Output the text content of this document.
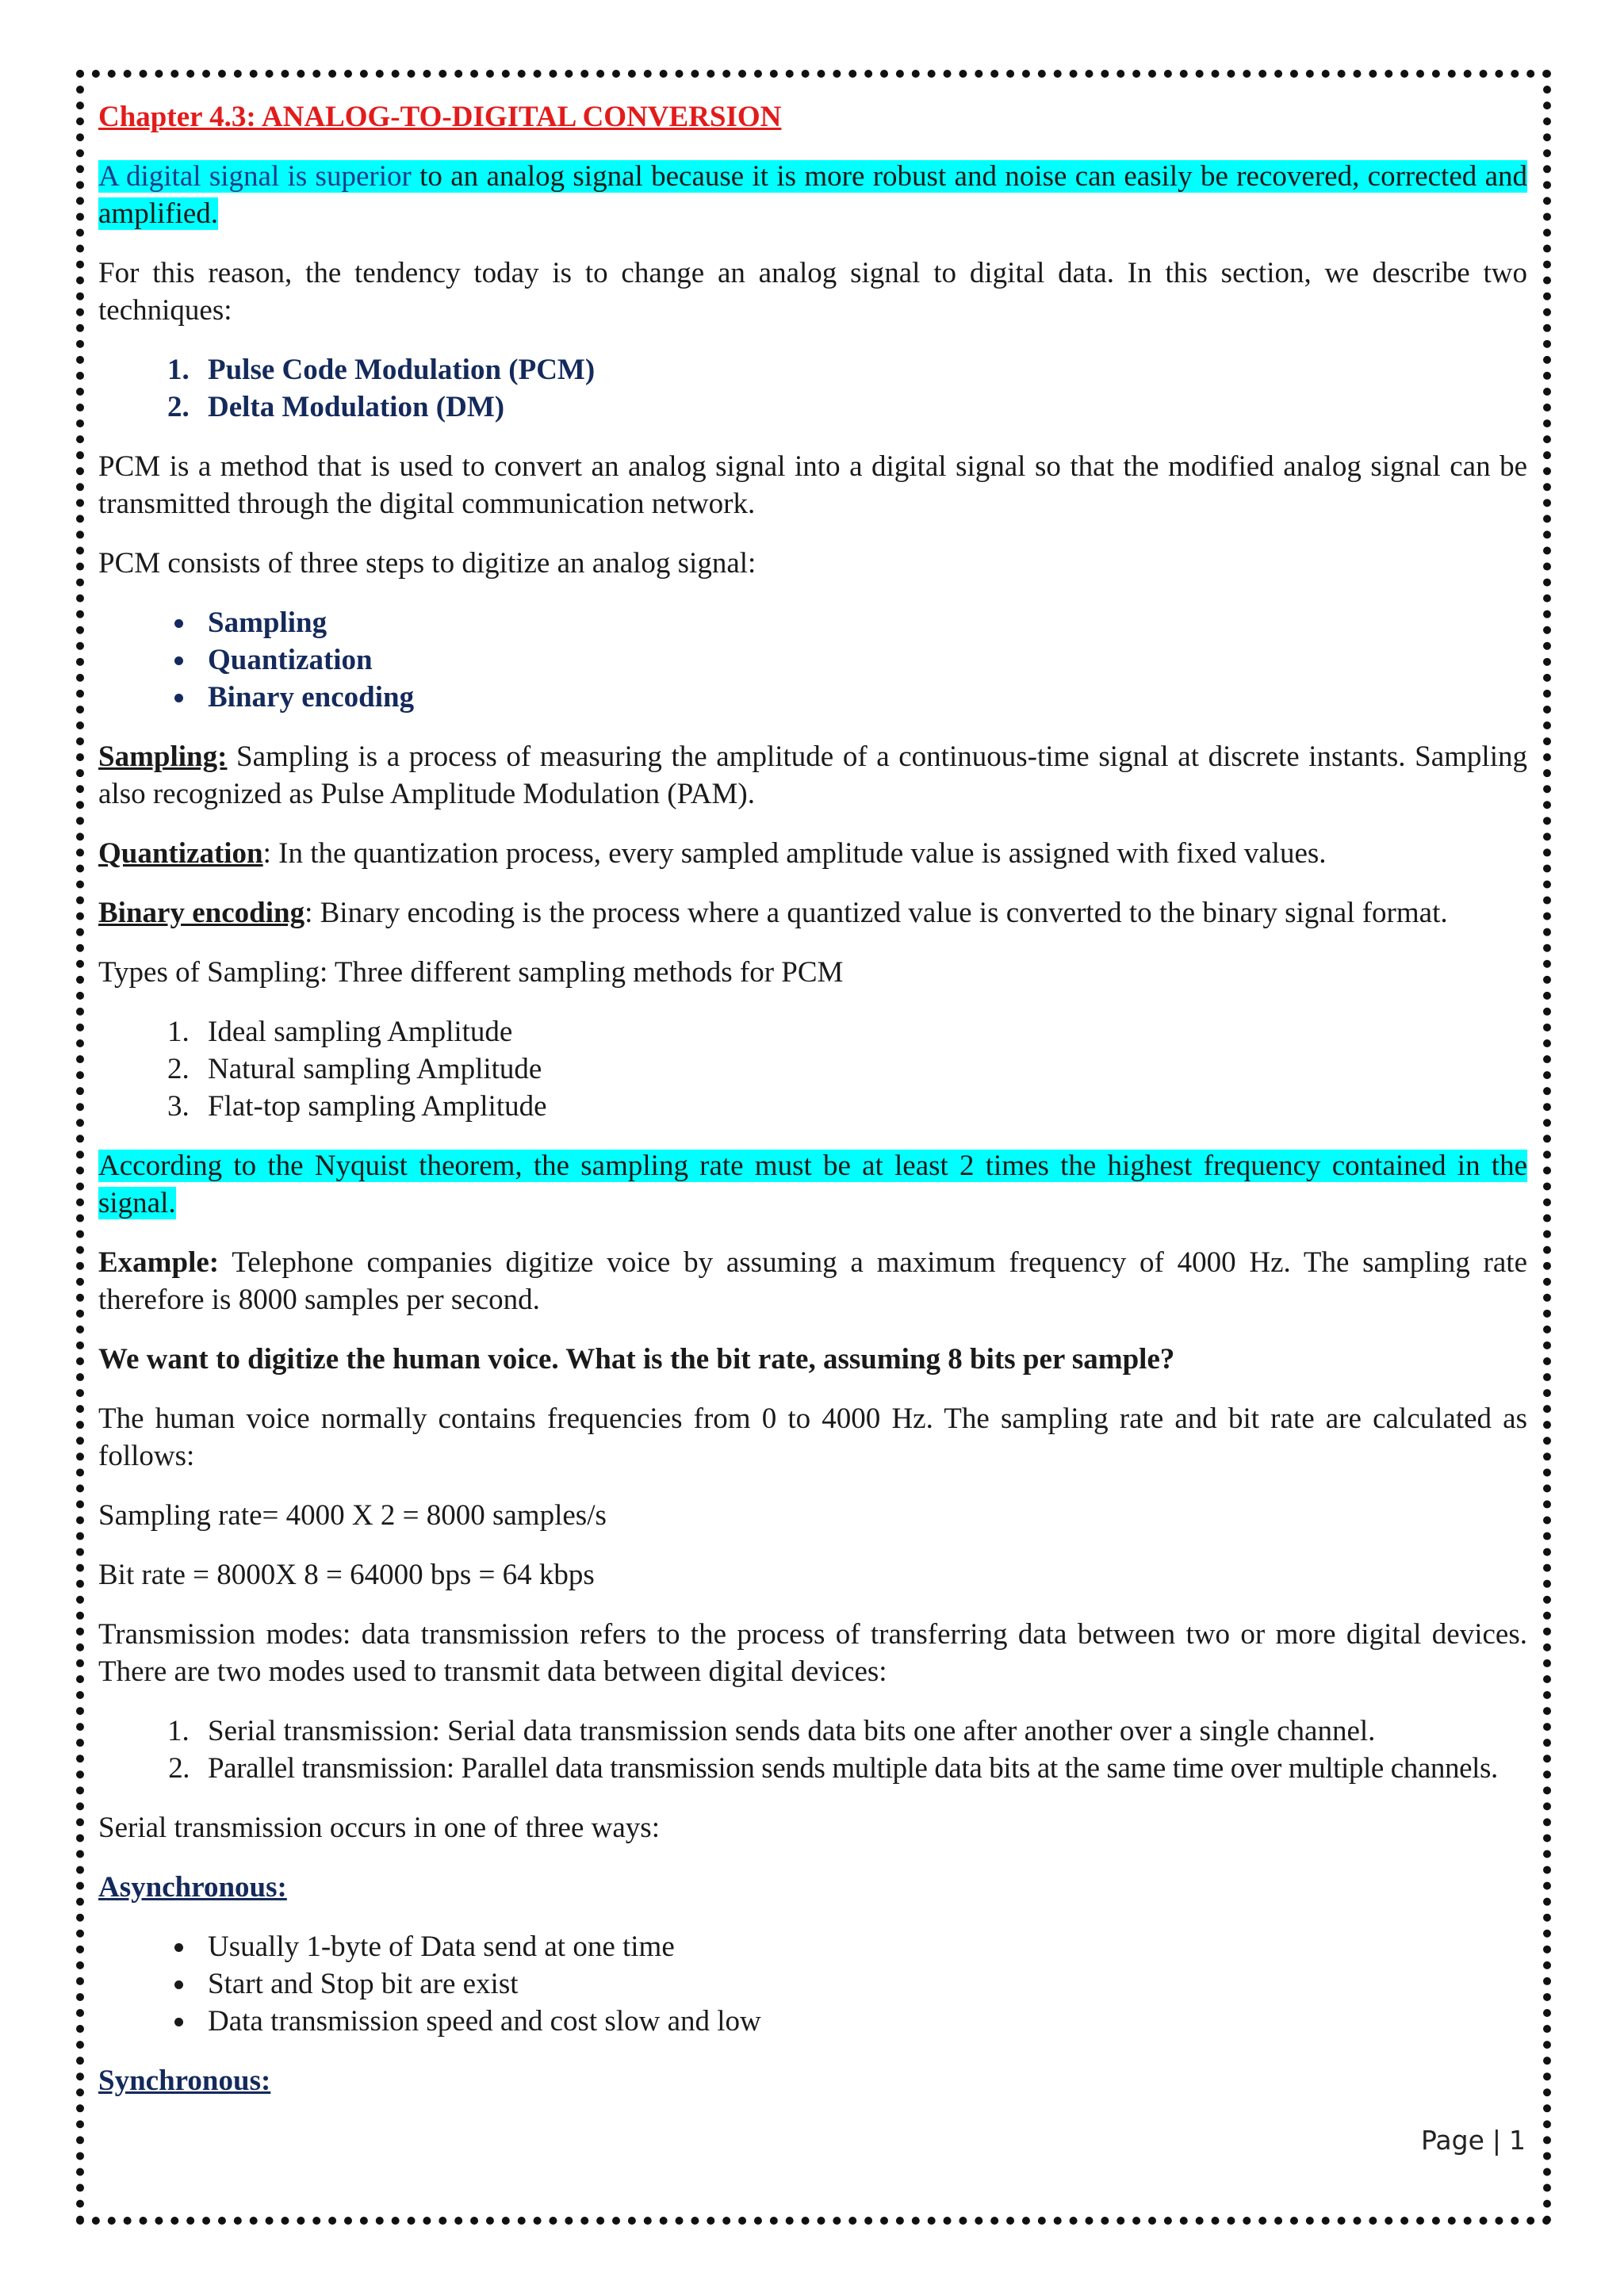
Chapter 4.3: ANALOG-TO-DIGITAL CONVERSION

A digital signal is superior to an analog signal because it is more robust and noise can easily be recovered, corrected and amplified.

For this reason, the tendency today is to change an analog signal to digital data. In this section, we describe two techniques:

1. Pulse Code Modulation (PCM)
2. Delta Modulation (DM)

PCM is a method that is used to convert an analog signal into a digital signal so that the modified analog signal can be transmitted through the digital communication network.

PCM consists of three steps to digitize an analog signal:

• Sampling
• Quantization
• Binary encoding

Sampling: Sampling is a process of measuring the amplitude of a continuous-time signal at discrete instants. Sampling also recognized as Pulse Amplitude Modulation (PAM).

Quantization: In the quantization process, every sampled amplitude value is assigned with fixed values.

Binary encoding: Binary encoding is the process where a quantized value is converted to the binary signal format.

Types of Sampling: Three different sampling methods for PCM

1. Ideal sampling Amplitude
2. Natural sampling Amplitude
3. Flat-top sampling Amplitude

According to the Nyquist theorem, the sampling rate must be at least 2 times the highest frequency contained in the signal.

Example: Telephone companies digitize voice by assuming a maximum frequency of 4000 Hz. The sampling rate therefore is 8000 samples per second.

We want to digitize the human voice. What is the bit rate, assuming 8 bits per sample?

The human voice normally contains frequencies from 0 to 4000 Hz. The sampling rate and bit rate are calculated as follows:

Sampling rate= 4000 X 2 = 8000 samples/s

Bit rate = 8000X 8 = 64000 bps = 64 kbps

Transmission modes: data transmission refers to the process of transferring data between two or more digital devices. There are two modes used to transmit data between digital devices:

1. Serial transmission: Serial data transmission sends data bits one after another over a single channel.
2. Parallel transmission: Parallel data transmission sends multiple data bits at the same time over multiple channels.

Serial transmission occurs in one of three ways:

Asynchronous:

• Usually 1-byte of Data send at one time
• Start and Stop bit are exist
• Data transmission speed and cost slow and low

Synchronous:

Page | 1
